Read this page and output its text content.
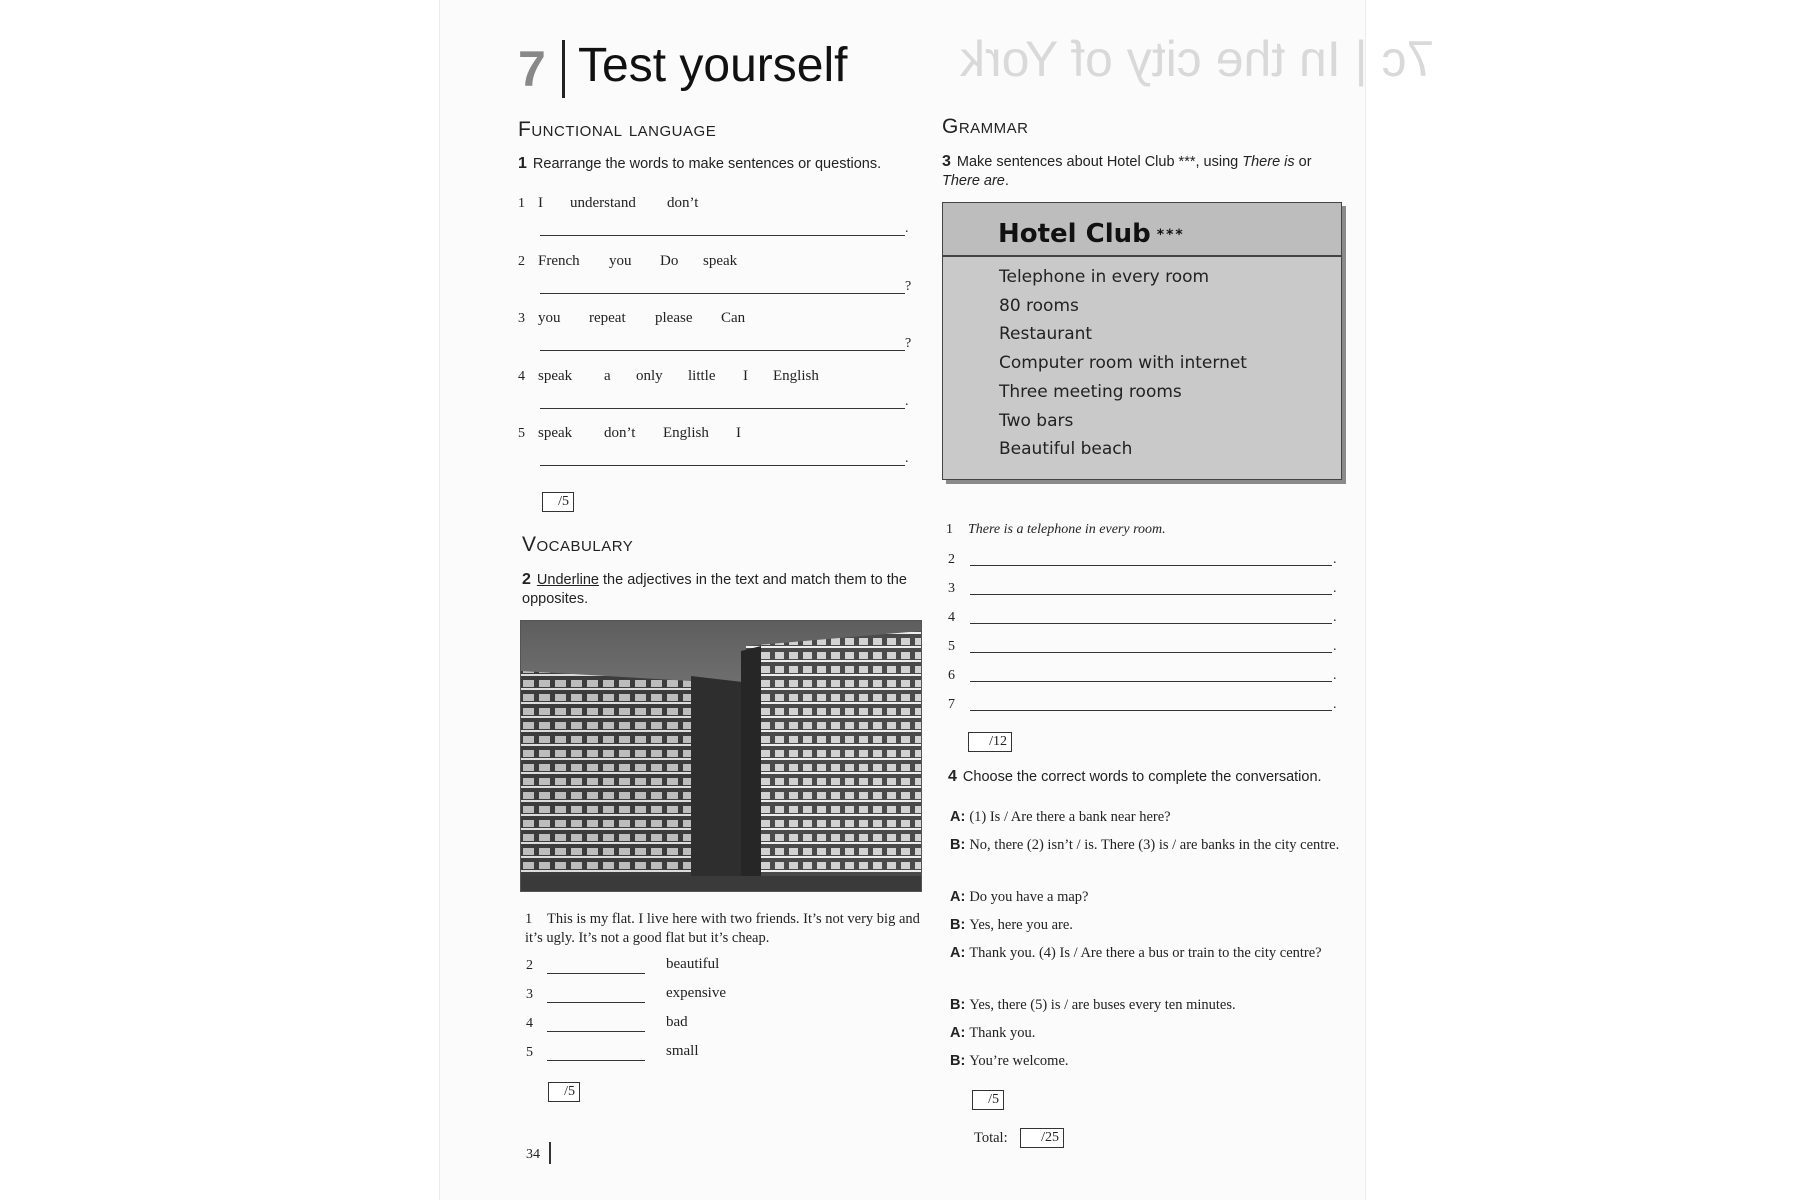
7c | In the city of York
7 Test yourself
Functional language
1 Rearrange the words to make sentences or questions.
1 I understand don’t
.
2 French you Do speak
?
3 you repeat please Can
?
4 speak a only little I English
.
5 speak don’t English I
.
/5
Vocabulary
2 Underline the adjectives in the text and match them to the opposites.
1 This is my flat. I live here with two friends. It’s not very big and it’s ugly. It’s not a good flat but it’s cheap.
2	beautiful
3	expensive
4	bad
5	small
/5
34
Grammar
3 Make sentences about Hotel Club ***, using There is or There are.
Hotel Club ***
Telephone in every room
80 rooms
Restaurant
Computer room with internet
Three meeting rooms
Two bars
Beautiful beach
1 There is a telephone in every room.
2	.
3	.
4	.
5	.
6	.
7	.
/12
4 Choose the correct words to complete the conversation.
A: (1) Is / Are there a bank near here?
B: No, there (2) isn’t / is. There (3) is / are banks in the city centre.
A: Do you have a map?
B: Yes, here you are.
A: Thank you. (4) Is / Are there a bus or train to the city centre?
B: Yes, there (5) is / are buses every ten minutes.
A: Thank you.
B: You’re welcome.
/5
Total:	/25
